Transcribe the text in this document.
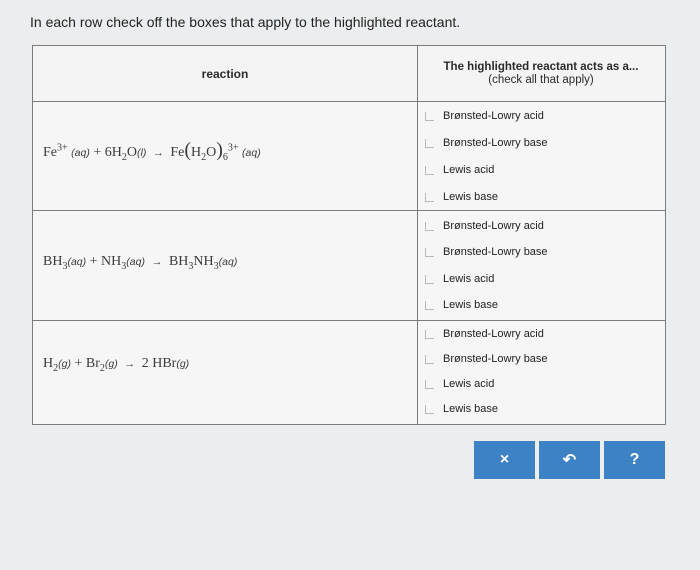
In each row check off the boxes that apply to the highlighted reactant.
reaction	The highlighted reactant acts as a...
(check all that apply)
$Fe^{3+}$ $(aq) + 6H_2O(l) \to Fe(H_2O)_6^{3+}$ (aq)
Brønsted-Lowry acid
Brønsted-Lowry base
Lewis acid
Lewis base
$BH_3(aq) + NH_3(aq) \to BH_3NH_3(aq)$
Brønsted-Lowry acid
Brønsted-Lowry base
Lewis acid
Lewis base
$H_2(g) + Br_2(g) \to 2$ HBr(g)
Brønsted-Lowry acid
Brønsted-Lowry base
Lewis acid
Lewis base
×	↶	?
